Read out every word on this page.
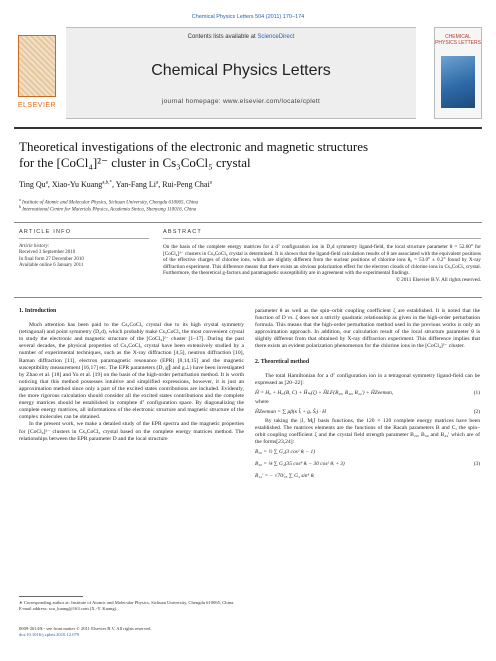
Chemical Physics Letters 504 (2011) 170–174
ELSEVIER
Contents lists available at ScienceDirect
Chemical Physics Letters
journal homepage: www.elsevier.com/locate/cplett
CHEMICAL PHYSICS LETTERS
Theoretical investigations of the electronic and magnetic structures
for the [CoCl₄]²⁻ cluster in Cs₃CoCl₅ crystal
Ting Qu$^a$, Xiao-Yu Kuang$^{a,b,*}$, Yan-Fang Li$^a$, Rui-Peng Chai$^a$
$^a$ Institute of Atomic and Molecular Physics, Sichuan University, Chengdu 610065, China
$^b$ International Centre for Materials Physics, Academia Sinica, Shenyang 110016, China
ARTICLE INFO	ABSTRACT
Article history:
Received 3 September 2010
In final form 27 December 2010
Available online 6 January 2011
On the basis of the complete energy matrices for a d⁷ configuration ion in D₂d symmetry ligand-field, the local structure parameter θ = 52.60° for [CoCl₄]²⁻ clusters in Cs₃CoCl₅ crystal is determined. It is shown that the ligand-field calculation results of θ are associated with the equivalent positions of the effective charges of chlorine ions, which are slightly different from the nuclear positions of chlorine ions θ₀ = 53.0° ± 0.2° found by X-ray diffraction experiment. This difference means that there exists an obvious polarization effect for the electron clouds of chlorine ions in Cs₃CoCl₅ crystal. Furthermore, the theoretical g-factors and paramagnetic susceptibility are in agreement with the experimental findings.
© 2011 Elsevier B.V. All rights reserved.

1. Introduction

Much attention has been paid to the Cs₃CoCl₅ crystal due to its high crystal symmetry (tetragonal) and point symmetry (D₂d), which probably make Cs₃CoCl₅ the most convenient crystal to study the electronic and magnetic structure of the [CoCl₄]²⁻ cluster [1–17]. During the past several decades, the physical properties of Cs₃CoCl₅ crystal have been extensively studied by a number of experimental techniques, such as the X-ray diffraction [4,5], neutron diffraction [10], Raman diffraction [11], electron paramagnetic resonance (EPR) [8,14,15] and the magnetic susceptibility measurement [16,17] etc. The EPR parameters (D, g∥ and g⊥) have been investigated by Zhao et al. [18] and Yu et al. [19] on the basis of the high-order perturbation method. It is worth noticing that this method possesses intuitive and simplified expressions, however, it is just an approximation method since only a part of the excited states contributions are included. Evidently, the more rigorous calculation should consider all the excited states contributions and the complete energy matrices should be established in complete d⁷ configuration space. By diagonalizing the complete energy matrices, all informations of the electronic structure and magnetic structure of the complex molecules can be obtained.

In the present work, we make a detailed study of the EPR spectra and the magnetic properties for [CoCl₄]²⁻ clusters in Cs₃CoCl₅ crystal based on the complete energy matrices method. The relationships between the EPR parameter D and the local structure

parameter θ as well as the spin–orbit coupling coefficient ζ are established. It is noted that the function of D vs. ζ does not a strictly quadratic relationship as given in the high-order perturbation formula. This means that the high-order perturbation method used in the previous works is only an approximation approach. In addition, our calculation result of the local structure parameter θ is slightly different from that obtained by X-ray diffraction experiment. This difference implies that there exists an evident polarization phenomenon for the chlorine ions in the [CoCl₄]²⁻ cluster.

2. Theoretical method

The total Hamiltonian for a d⁷ configuration ion in a tetragonal symmetry ligand-field can be expressed as [20–22]:

Ĥ = H₀ + Hₑₑ(B, C) + Ĥₛₒ(ζ) + ĤLF(B₂₀, B₄₀, B₄₄′) + ĤZeeman,	(1)

where

ĤZeeman = ∑ μβ(κ l̂ᵢ + gₑ Ŝᵢ) · H⃗	(2)

By taking the |J, Mⱼ⟩ basis functions, the 120 × 120 complete energy matrices have been established. The matrices elements are the functions of the Racah parameters B and C, the spin–orbit coupling coefficient ζ and the crystal field strength parameter B₂₀, B₄₀ and B₄₄′ which are of the forms[23,24]:

B₂₀ = ½ ∑ G₂(3 cos² θᵢ − 1)
B₄₀ = ⅛ ∑ G₄(35 cos⁴ θᵢ − 30 cos² θᵢ + 3)	(3)
B₄₄′ = − √70⁄₁₆ ∑ G₄ sin⁴ θᵢ
∗ Corresponding author at: Institute of Atomic and Molecular Physics, Sichuan University, Chengdu 610065, China.
E-mail address: scu_kuang@163.com (X.-Y. Kuang).
0009-2614/$ - see front matter © 2011 Elsevier B.V. All rights reserved.
doi:10.1016/j.cplett.2010.12.079
